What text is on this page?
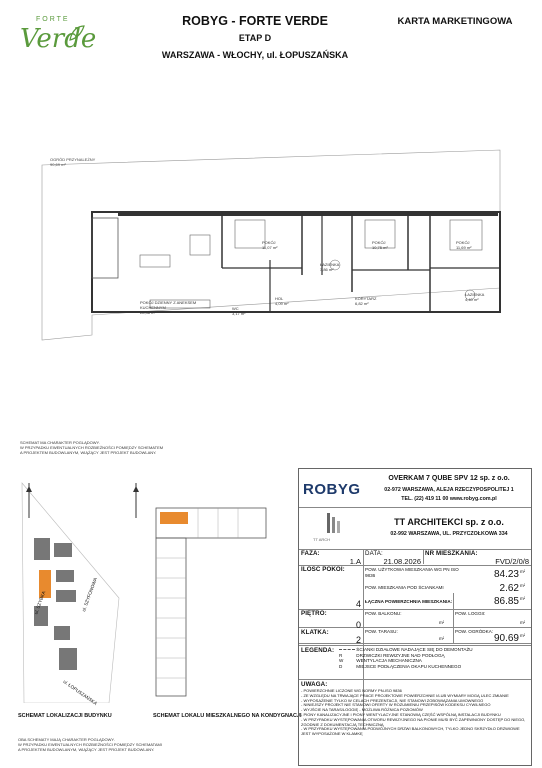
FORTE
Verde
ROBYG - FORTE VERDE
ETAP D
WARSZAWA - WŁOCHY, ul. ŁOPUSZAŃSKA
KARTA MARKETINGOWA
OGRÓD PRZYNALEŻNY
90,69 m²
POKÓJ DZIENNY Z ANEKSEM KUCHENNYM
28,38 m²
POKÓJ
11,07 m²
ŁAZIENKA
3,86 m²
POKÓJ
10,75 m²
POKÓJ
11,69 m²
HOL
4,09 m²
KORYTARZ
6,82 m²
ŁAZIENKA
4,40 m²
WC
3,17 m²
SCHEMAT MA CHARAKTER POGLĄDOWY.
W PRZYPADKU EWENTUALNYCH ROZBIEŻNOŚCI POMIĘDZY SCHEMATEM
A PROJEKTEM BUDOWLANYM, WIĄŻĄCY JEST PROJEKT BUDOWLANY.
ul. SZYBKA	ul. SZYFONOWA
ul. ŁOPUSZAŃSKA
SCHEMAT LOKALIZACJI BUDYNKU	SCHEMAT LOKALU MIESZKALNEGO NA KONDYGNACJI
OBA SCHEMATY MAJĄ CHARAKTER POGLĄDOWY.
W PRZYPADKU EWENTUALNYCH ROZBIEŻNOŚCI POMIĘDZY SCHEMATAMI
A PROJEKTEM BUDOWLANYM, WIĄŻĄCY JEST PROJEKT BUDOWLANY.
ROBYG
OVERKAM 7 QUBE SPV 12 sp. z o.o.
02-972 WARSZAWA, ALEJA RZECZYPOSPOLITEJ 1
TEL. (22) 419 11 00 www.robyg.com.pl
TT ARCH
TT ARCHITEKCI sp. z o.o.
02-992 WARSZAWA, UL. PRZYCZÓŁKOWA 334
FAZA:
1.A
DATA:
21.08.2026
NR MIESZKANIA:
FVD/2/0/8
ILOŚĆ POKOI:
4
POW. UŻYTKOWA MIESZKANIA WG PN ISO 9836	84.23 m²
POW. MIESZKANIA POD ŚCIANKAMI	2.62 m²
ŁĄCZNA POWIERZCHNIA MIESZKANIA:	86.85 m²
PIĘTRO:
0
POW. BALKONU:
m²
POW. LOGGII:
m²
KLATKA:
2
POW. TARASU:
m²
POW. OGRÓDKA:
90.69 m²
LEGENDA:	ŚCIANKI DZIAŁOWE NADAJĄCE SIĘ DO DEMONTAŻU
R	DRZWICZKI REWIZYJNE NAD PODŁOGĄ
W	WENTYLACJA MECHANICZNA
D	MIEJSCE PODŁĄCZENIA OKAPU KUCHENNEGO
UWAGA:
- POWIERZCHNIE LICZONE WG NORMY PN-ISO 9836
- ZE WZGLĘDU NA TRWAJĄCE PRACE PROJEKTOWE POWIERZCHNIE I/LUB WYMIARY MOGĄ ULEC ZMIANIE
- WYPOSAŻENIE TYLKO W CELACH PREZENTACJI, NIE STANOWI ZOBOWIĄZANIA UMOWNEGO
- NINIEJSZY PROJEKT NIE STANOWI OFERTY W ROZUMIENIU PRZEPISÓW KODEKSU CYWILNEGO
- WYJŚCIE NA TARAS/LOGGIĘ - MOŻLIWA RÓŻNICA POZIOMÓW
- PIONY KANALIZACYJNE I PIONY WENTYLACYJNE STANOWIĄ CZĘŚĆ WSPÓLNĄ INSTALACJI BUDYNKU
- W PRZYPADKU WYSTĘPOWANIA OTWORU REWIZYJNEGO NA PIONIE MUSI BYĆ ZAPEWNIONY DOSTĘP DO NIEGO, ZGODNIE Z DOKUMENTACJĄ TECHNICZNĄ
- W PRZYPADKU WYSTĘPOWANIA PODWÓJNYCH DRZWI BALKONOWYCH, TYLKO JEDNO SKRZYDŁO DRZWIOWE JEST WYPOSAŻONE W KLAMKĘ
